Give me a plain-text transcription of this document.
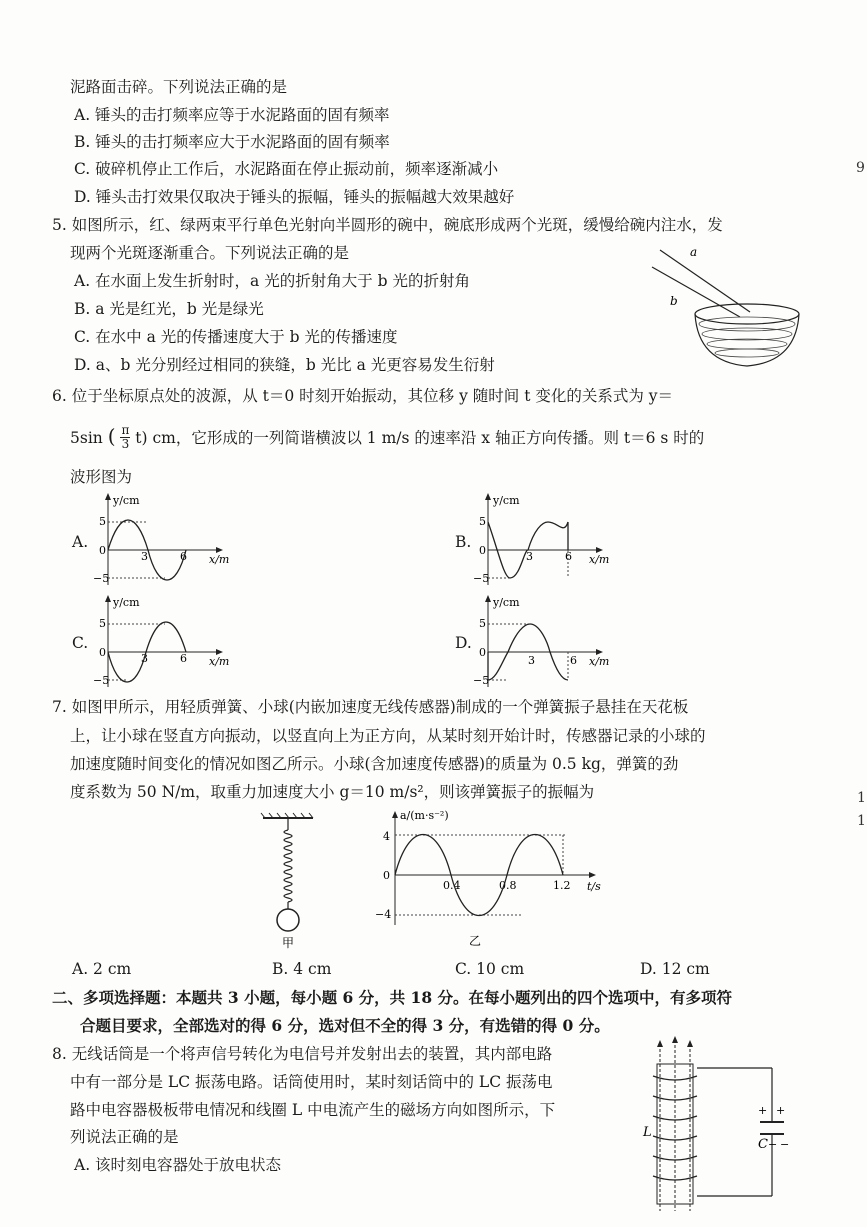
泥路面击碎。下列说法正确的是
A. 锤头的击打频率应等于水泥路面的固有频率
B. 锤头的击打频率应大于水泥路面的固有频率
C. 破碎机停止工作后，水泥路面在停止振动前，频率逐渐减小
D. 锤头击打效果仅取决于锤头的振幅，锤头的振幅越大效果越好
5. 如图所示，红、绿两束平行单色光射向半圆形的碗中，碗底形成两个光斑，缓慢给碗内注水，发
现两个光斑逐渐重合。下列说法正确的是
A. 在水面上发生折射时，a 光的折射角大于 b 光的折射角
B. a 光是红光，b 光是绿光
C. 在水中 a 光的传播速度大于 b 光的传播速度
D. a、b 光分别经过相同的狭缝，b 光比 a 光更容易发生衍射
a
b
6. 位于坐标原点处的波源，从 t＝0 时刻开始振动，其位移 y 随时间 t 变化的关系式为 y＝
5sin ( $\frac{\pi}{3} t$) cm，它形成的一列简谐横波以 1 m/s 的速率沿 x 轴正方向传播。则 t＝6 s 时的
波形图为
A.
y/cm
x/m
5
0
−5
3	6
B.
y/cm
x/m
5
0
−5
3	6
C.
y/cm
x/m
5
0
−5
3	6
D.
y/cm
x/m
5
0
−5
3	6
7. 如图甲所示，用轻质弹簧、小球(内嵌加速度无线传感器)制成的一个弹簧振子悬挂在天花板
上，让小球在竖直方向振动，以竖直向上为正方向，从某时刻开始计时，传感器记录的小球的
加速度随时间变化的情况如图乙所示。小球(含加速度传感器)的质量为 0.5 kg，弹簧的劲
度系数为 50 N/m，取重力加速度大小 g＝10 m/s²，则该弹簧振子的振幅为
甲
a/(m·s⁻²)
t/s
4
0
−4
0.4	0.8	1.2
乙
A. 2 cm	B. 4 cm	C. 10 cm	D. 12 cm
二、多项选择题：本题共 3 小题，每小题 6 分，共 18 分。在每小题列出的四个选项中，有多项符
合题目要求，全部选对的得 6 分，选对但不全的得 3 分，有选错的得 0 分。
8. 无线话筒是一个将声信号转化为电信号并发射出去的装置，其内部电路
中有一部分是 LC 振荡电路。话筒使用时，某时刻话筒中的 LC 振荡电
路中电容器极板带电情况和线圈 L 中电流产生的磁场方向如图所示，下
列说法正确的是
A. 该时刻电容器处于放电状态
L
C
+ +
− −
9
1
1
